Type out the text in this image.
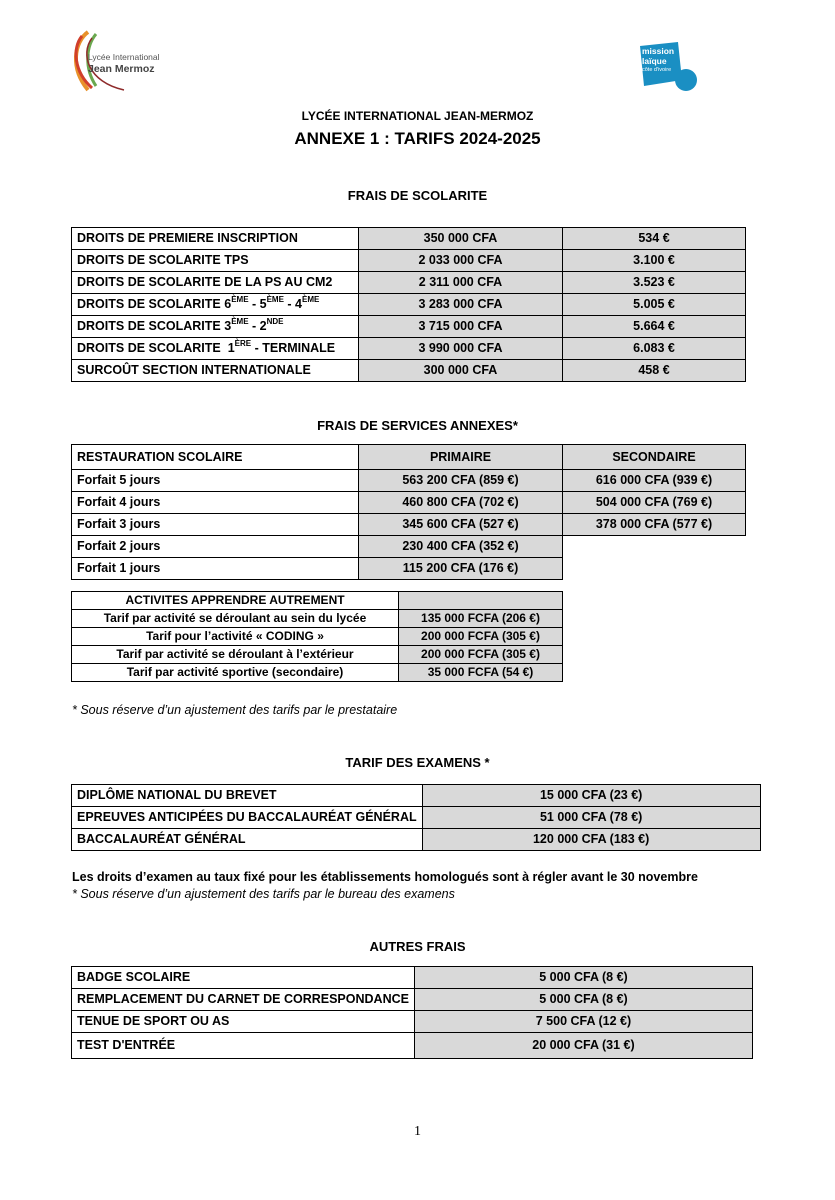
Lycée International
Jean Mermoz
mission
laïque
côte d'ivoire
LYCÉE INTERNATIONAL JEAN-MERMOZ
ANNEXE 1 : TARIFS 2024-2025
FRAIS DE SCOLARITE
DROITS DE PREMIERE INSCRIPTION	350 000 CFA	534 €
DROITS DE SCOLARITE TPS	2 033 000 CFA	3.100 €
DROITS DE SCOLARITE DE LA PS AU CM2	2 311 000 CFA	3.523 €
DROITS DE SCOLARITE 6ÈME - 5ÈME - 4ÈME	3 283 000 CFA	5.005 €
DROITS DE SCOLARITE 3ÈME - 2NDE	3 715 000 CFA	5.664 €
DROITS DE SCOLARITE  1ÈRE - TERMINALE	3 990 000 CFA	6.083 €
SURCOÛT SECTION INTERNATIONALE	300 000 CFA	458 €
FRAIS DE SERVICES ANNEXES*
RESTAURATION SCOLAIRE	PRIMAIRE	SECONDAIRE
Forfait 5 jours	563 200 CFA (859 €)	616 000 CFA (939 €)
Forfait 4 jours	460 800 CFA (702 €)	504 000 CFA (769 €)
Forfait 3 jours	345 600 CFA (527 €)	378 000 CFA (577 €)
Forfait 2 jours	230 400 CFA (352 €)	
Forfait 1 jours	115 200 CFA (176 €)	
ACTIVITES APPRENDRE AUTREMENT	
Tarif par activité se déroulant au sein du lycée	135 000 FCFA (206 €)
Tarif pour l’activité « CODING »	200 000 FCFA (305 €)
Tarif par activité se déroulant à l’extérieur	200 000 FCFA (305 €)
Tarif par activité sportive (secondaire)	35 000 FCFA (54 €)
* Sous réserve d’un ajustement des tarifs par le prestataire
TARIF DES EXAMENS *
DIPLÔME NATIONAL DU BREVET	15 000 CFA (23 €)
EPREUVES ANTICIPÉES DU BACCALAURÉAT GÉNÉRAL	51 000 CFA (78 €)
BACCALAURÉAT GÉNÉRAL	120 000 CFA (183 €)
Les droits d’examen au taux fixé pour les établissements homologués sont à régler avant le 30 novembre
* Sous réserve d’un ajustement des tarifs par le bureau des examens
AUTRES FRAIS
BADGE SCOLAIRE	5 000 CFA (8 €)
REMPLACEMENT DU CARNET DE CORRESPONDANCE	5 000 CFA (8 €)
TENUE DE SPORT OU AS	7 500 CFA (12 €)
TEST D'ENTRÉE	20 000 CFA (31 €)
1
